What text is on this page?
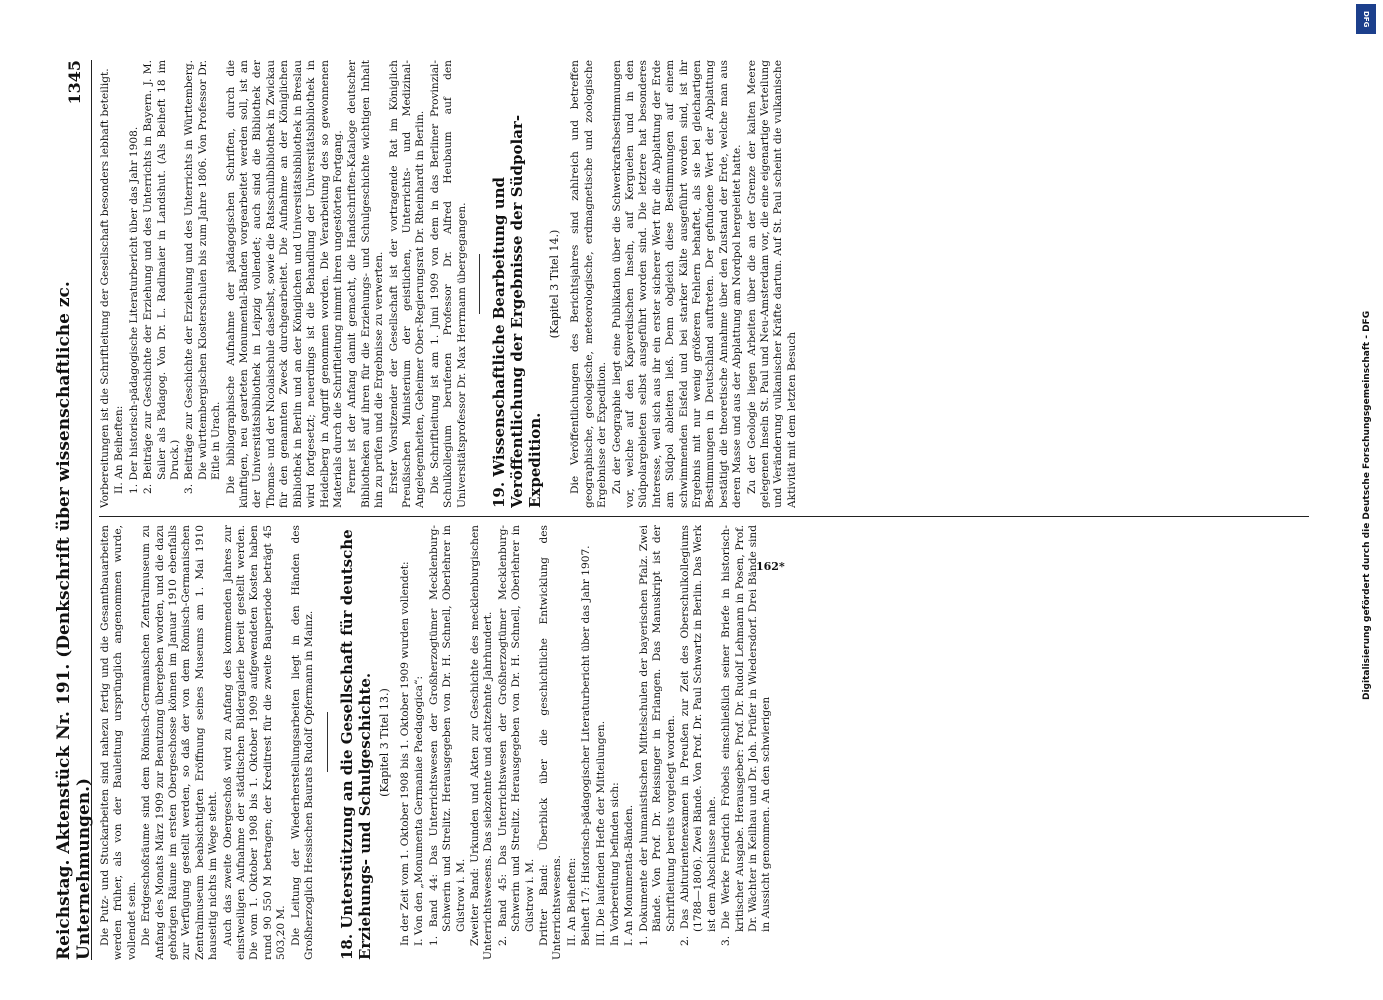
Reichstag. Aktenstück Nr. 191. (Denkschrift über wissenschaftliche zc. Unternehmungen.)
1345

Die Putz- und Stuckarbeiten sind nahezu fertig und die Gesamtbauarbeiten werden früher, als von der Bauleitung ursprünglich angenommen wurde, vollendet sein. Die Erdgeschoßräume sind dem Römisch-Germanischen Zentralmuseum zu Anfang des Monats März 1909 zur Benutzung übergeben worden, und die dazu gehörigen Räume im ersten Obergeschosse können im Januar 1910 ebenfalls zur Verfügung gestellt werden, so daß der von dem Römisch-Germanischen Zentralmuseum beabsichtigten Eröffnung seines Museums am 1. Mai 1910 hauseitig nichts im Wege steht. Auch das zweite Obergeschoß wird zu Anfang des kommenden Jahres zur einstweiligen Aufnahme der städtischen Bildergalerie bereit gestellt werden. Die vom 1. Oktober 1908 bis 1. Oktober 1909 aufgewendeten Kosten haben rund 90 550 M betragen; der Kreditrest für die zweite Bauperiode beträgt 45 503,20 M. Die Leitung der Wiederherstellungsarbeiten liegt in den Händen des Großherzoglich Hessischen Baurats Rudolf Opfermann in Mainz. 18. Unterstützung an die Gesellschaft für deutsche Erziehungs- und Schulgeschichte. (Kapitel 3 Titel 13.) In der Zeit vom 1. Oktober 1908 bis 1. Oktober 1909 wurden vollendet: I. Von den „Monumenta Germaniae Paedagogica“: 1. Band 44: Das Unterrichtswesen der Großherzogtümer Mecklenburg-Schwerin und Strelitz. Herausgegeben von Dr. H. Schnell, Oberlehrer in Güstrow i. M. Zweiter Band: Urkunden und Akten zur Geschichte des mecklenburgischen Unterrichtswesens. Das siebzehnte und achtzehnte Jahrhundert. 2. Band 45: Das Unterrichtswesen der Großherzogtümer Mecklenburg-Schwerin und Strelitz. Herausgegeben von Dr. H. Schnell, Oberlehrer in Güstrow i. M. Dritter Band: Überblick über die geschichtliche Entwicklung des Unterrichtswesens. II. An Beiheften: Beiheft 17: Historisch-pädagogischer Literaturbericht über das Jahr 1907. III. Die laufenden Hefte der Mitteilungen. In Vorbereitung befinden sich: I. An Monumenta-Bänden. 1. Dokumente der humanistischen Mittelschulen der bayerischen Pfalz. Zwei Bände. Von Prof. Dr. Reissinger in Erlangen. Das Manuskript ist der Schriftleitung bereits vorgelegt worden. 2. Das Abiturientenexamen in Preußen zur Zeit des Oberschulkollegiums (1788—1806). Zwei Bände. Von Prof. Dr. Paul Schwartz in Berlin. Das Werk ist dem Abschlusse nahe. 3. Die Werke Friedrich Fröbels einschließlich seiner Briefe in historisch-kritischer Ausgabe. Herausgeber: Prof. Dr. Rudolf Lehmann in Posen, Prof. Dr. Wächter in Keilhau und Dr. Joh. Prüfer in Wiedersdorf. Drei Bände sind in Aussicht genommen. An den schwierigen

Vorbereitungen ist die Schriftleitung der Gesellschaft besonders lebhaft beteiligt. II. An Beiheften: 1. Der historisch-pädagogische Literaturbericht über das Jahr 1908. 2. Beiträge zur Geschichte der Erziehung und des Unterrichts in Bayern. J. M. Sailer als Pädagog. Von Dr. L. Radlmaier in Landshut. (Als Beiheft 18 im Druck.) 3. Beiträge zur Geschichte der Erziehung und des Unterrichts in Württemberg. Die württembergischen Klosterschulen bis zum Jahre 1806. Von Professor Dr. Eitle in Urach. Die bibliographische Aufnahme der pädagogischen Schriften, durch die künftigen, neu gearteten Monumental-Bänden vorgearbeitet werden soll, ist an der Universitätsbibliothek in Leipzig vollendet; auch sind die Bibliothek der Thomas- und der Nicolaischule daselbst, sowie die Ratsschulbibliothek in Zwickau für den genannten Zweck durchgearbeitet. Die Aufnahme an der Königlichen Bibliothek in Berlin und an der Königlichen und Universitätsbibliothek in Breslau wird fortgesetzt; neuerdings ist die Behandlung der Universitätsbibliothek in Heidelberg in Angriff genommen worden. Die Verarbeitung des so gewonnenen Materials durch die Schriftleitung nimmt ihren ungestörten Fortgang. Ferner ist der Anfang damit gemacht, die Handschriften-Kataloge deutscher Bibliotheken auf ihren für die Erziehungs- und Schulgeschichte wichtigen Inhalt hin zu prüfen und die Ergebnisse zu verwerten. Erster Vorsitzender der Gesellschaft ist der vortragende Rat im Königlich Preußischen Ministerium der geistlichen, Unterrichts- und Medizinal-Angelegenheiten, Geheimer Ober-Regierungsrat Dr. Rheinhardt in Berlin. Die Schriftleitung ist am 1. Juni 1909 von dem in das Berliner Provinzial-Schulkollegium berufenen Professor Dr. Alfred Heubaum auf den Universitätsprofessor Dr. Max Herrmann übergegangen. 19. Wissenschaftliche Bearbeitung und Veröffentlichung der Ergebnisse der Südpolar-Expedition.
(Kapitel 3 Titel 14.) Die Veröffentlichungen des Berichtsjahres sind zahlreich und betreffen geographische, geologische, meteorologische, erdmagnetische und zoologische Ergebnisse der Expedition. Zu der Geographie liegt eine Publikation über die Schwerkraftsbestimmungen vor, welche auf den Kapverdischen Inseln, auf Kerguelen und in den Südpolargebieten selbst ausgeführt worden sind. Die letztere hat besonderes Interesse, weil sich aus ihr ein erster sicherer Wert für die Abplattung der Erde am Südpol ableiten ließ. Denn obgleich diese Bestimmungen auf einem schwimmenden Eisfeld und bei starker Kälte ausgeführt worden sind, ist ihr Ergebnis mit nur wenig größeren Fehlern behaftet, als sie bei gleichartigen Bestimmungen in Deutschland auftreten. Der gefundene Wert der Abplattung bestätigt die theoretische Annahme über den Zustand der Erde, welche man aus deren Masse und aus der Abplattung am Nordpol hergeleitet hatte. Zu der Geologie liegen Arbeiten über die an der Grenze der kalten Meere gelegenen Inseln St. Paul und Neu-Amsterdam vor, die eine eigenartige Verteilung und Veränderung vulkanischer Kräfte dartun. Auf St. Paul scheint die vulkanische Aktivität mit dem letzten Besuch

162*
DFG
Digitalisierung gefördert durch die Deutsche Forschungsgemeinschaft - DFG
